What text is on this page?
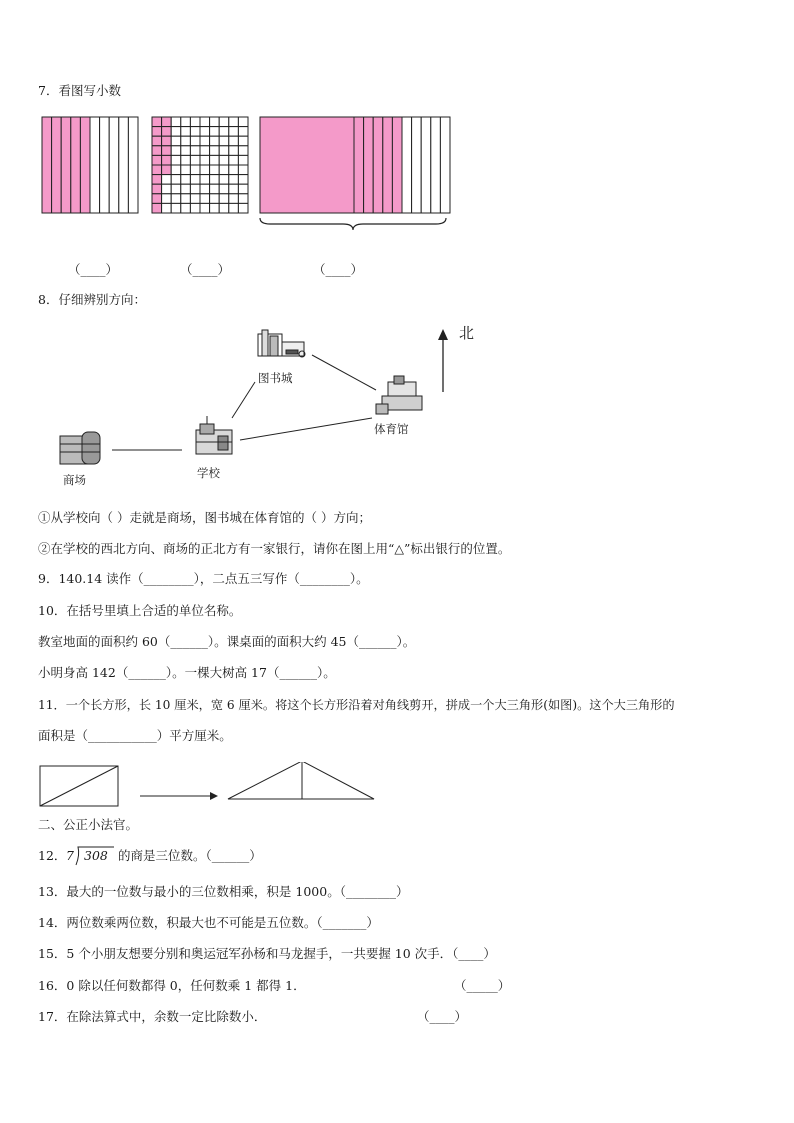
7．看图写小数
（____）	（____）	（____）
8．仔细辨别方向：
北
图书城
体育馆
商场	学校
①从学校向（ ）走就是商场，图书城在体育馆的（ ）方向；
②在学校的西北方向、商场的正北方有一家银行，请你在图上用“△”标出银行的位置。
9．140.14 读作（________），二点五三写作（________）。
10．在括号里填上合适的单位名称。
教室地面的面积约 60（______）。课桌面的面积大约 45（______）。
小明身高 142（______）。一棵大树高 17（______）。
11．一个长方形，长 10 厘米，宽 6 厘米。将这个长方形沿着对角线剪开，拼成一个大三角形(如图)。这个大三角形的
面积是（___________）平方厘米。
二、公正小法官。
12． 7 308 的商是三位数。（______）
13．最大的一位数与最小的三位数相乘，积是 1000。（________）
14．两位数乘两位数，积最大也不可能是五位数。（_______）
15．5 个小朋友想要分别和奥运冠军孙杨和马龙握手，一共要握 10 次手．（____）
16．0 除以任何数都得 0，任何数乘 1 都得 1．	（_____）
17．在除法算式中，余数一定比除数小．	（____）
